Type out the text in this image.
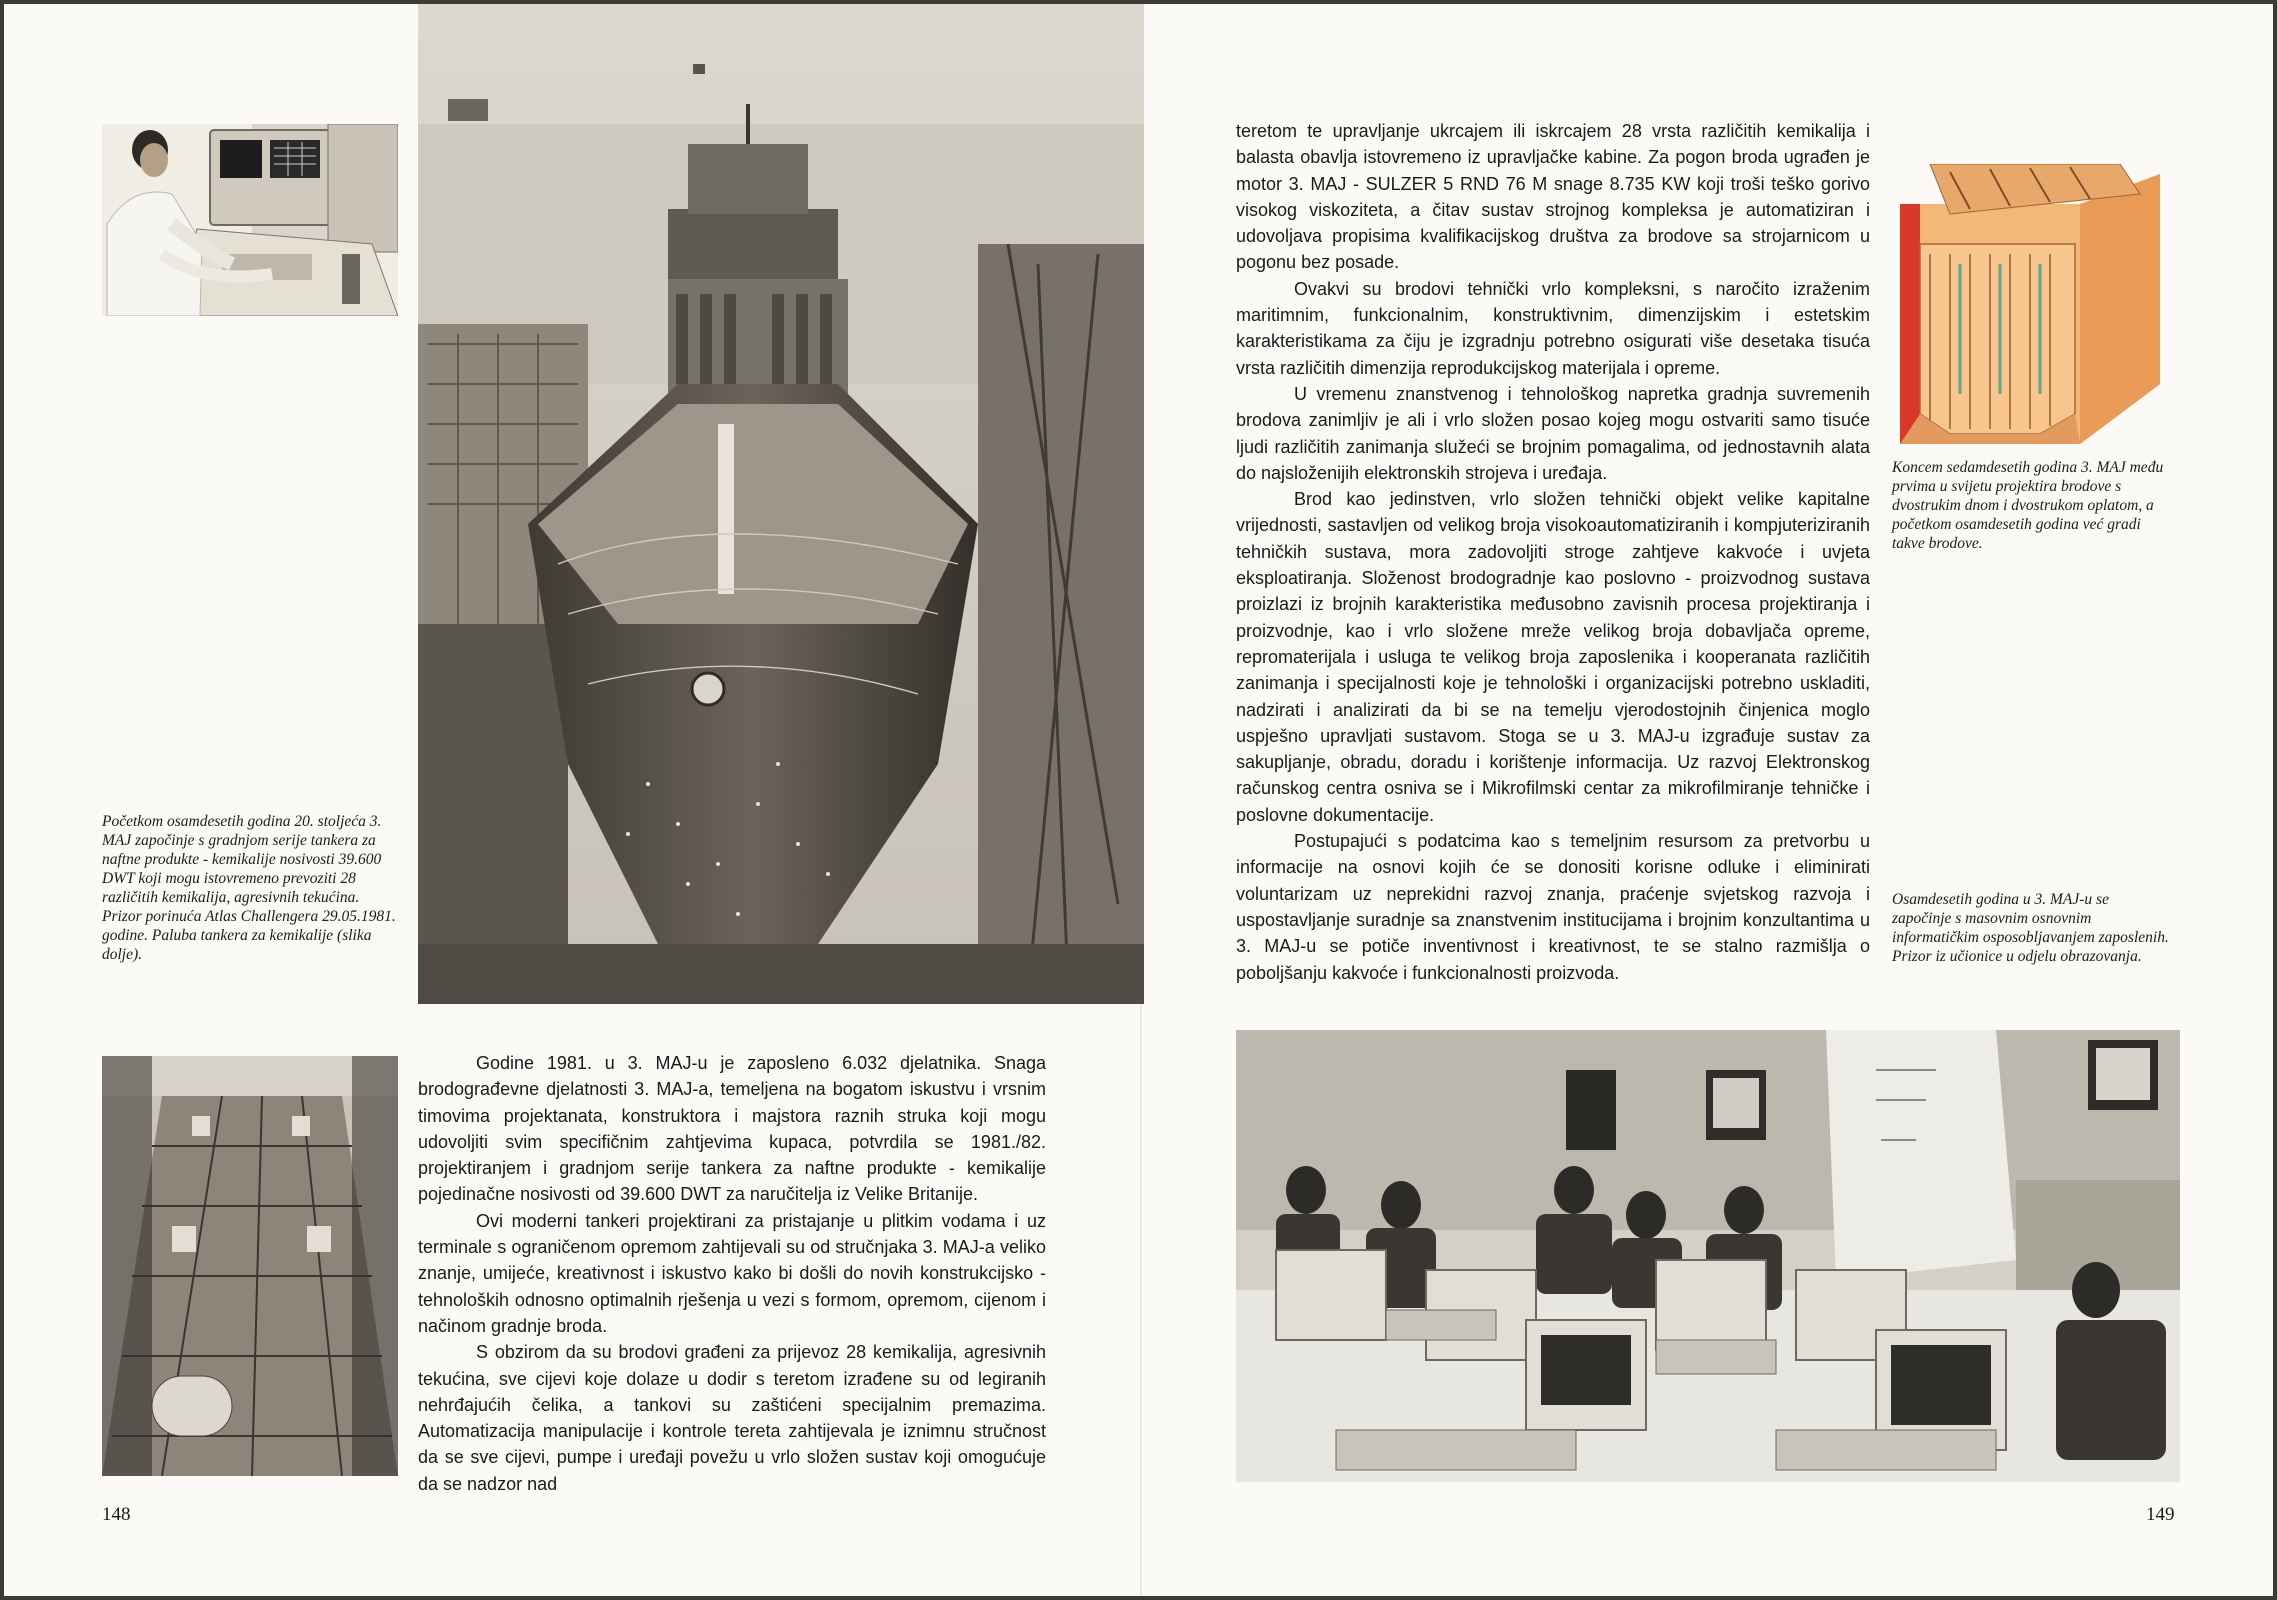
Početkom osamdesetih godina 20. stoljeća 3. MAJ započinje s gradnjom serije tankera za naftne produkte - kemikalije nosivosti 39.600 DWT koji mogu istovremeno prevoziti 28 različitih kemikalija, agresivnih tekućina. Prizor porinuća Atlas Challengera 29.05.1981. godine. Paluba tankera za kemikalije (slika dolje).

Godine 1981. u 3. MAJ-u je zaposleno 6.032 djelatnika. Snaga brodograđevne djelatnosti 3. MAJ-a, temeljena na bogatom iskustvu i vrsnim timovima projektanata, konstruktora i majstora raznih struka koji mogu udovoljiti svim specifičnim zahtjevima kupaca, potvrdila se 1981./82. projektiranjem i gradnjom serije tankera za naftne produkte - kemikalije pojedinačne nosivosti od 39.600 DWT za naručitelja iz Velike Britanije.

Ovi moderni tankeri projektirani za pristajanje u plitkim vodama i uz terminale s ograničenom opremom zahtijevali su od stručnjaka 3. MAJ-a veliko znanje, umijeće, kreativnost i iskustvo kako bi došli do novih konstrukcijsko - tehnoloških odnosno optimalnih rješenja u vezi s formom, opremom, cijenom i načinom gradnje broda.

S obzirom da su brodovi građeni za prijevoz 28 kemikalija, agresivnih tekućina, sve cijevi koje dolaze u dodir s teretom izrađene su od legiranih nehrđajućih čelika, a tankovi su zaštićeni specijalnim premazima. Automatizacija manipulacije i kontrole tereta zahtijevala je iznimnu stručnost da se sve cijevi, pumpe i uređaji povežu u vrlo složen sustav koji omogućuje da se nadzor nad

148

teretom te upravljanje ukrcajem ili iskrcajem 28 vrsta različitih kemikalija i balasta obavlja istovremeno iz upravljačke kabine. Za pogon broda ugrađen je motor 3. MAJ - SULZER 5 RND 76 M snage 8.735 KW koji troši teško gorivo visokog viskoziteta, a čitav sustav strojnog kompleksa je automatiziran i udovoljava propisima kvalifikacijskog društva za brodove sa strojarnicom u pogonu bez posade.

Ovakvi su brodovi tehnički vrlo kompleksni, s naročito izraženim maritimnim, funkcionalnim, konstruktivnim, dimenzijskim i estetskim karakteristikama za čiju je izgradnju potrebno osigurati više desetaka tisuća vrsta različitih dimenzija reprodukcijskog materijala i opreme.

U vremenu znanstvenog i tehnološkog napretka gradnja suvremenih brodova zanimljiv je ali i vrlo složen posao kojeg mogu ostvariti samo tisuće ljudi različitih zanimanja služeći se brojnim pomagalima, od jednostavnih alata do najsloženijih elektronskih strojeva i uređaja.

Brod kao jedinstven, vrlo složen tehnički objekt velike kapitalne vrijednosti, sastavljen od velikog broja visokoautomatiziranih i kompjuteriziranih tehničkih sustava, mora zadovoljiti stroge zahtjeve kakvoće i uvjeta eksploatiranja. Složenost brodogradnje kao poslovno - proizvodnog sustava proizlazi iz brojnih karakteristika međusobno zavisnih procesa projektiranja i proizvodnje, kao i vrlo složene mreže velikog broja dobavljača opreme, repromaterijala i usluga te velikog broja zaposlenika i kooperanata različitih zanimanja i specijalnosti koje je tehnološki i organizacijski potrebno uskladiti, nadzirati i analizirati da bi se na temelju vjerodostojnih činjenica moglo uspješno upravljati sustavom. Stoga se u 3. MAJ-u izgrađuje sustav za sakupljanje, obradu, doradu i korištenje informacija. Uz razvoj Elektronskog računskog centra osniva se i Mikrofilmski centar za mikrofilmiranje tehničke i poslovne dokumentacije.

Postupajući s podatcima kao s temeljnim resursom za pretvorbu u informacije na osnovi kojih će se donositi korisne odluke i eliminirati voluntarizam uz neprekidni razvoj znanja, praćenje svjetskog razvoja i uspostavljanje suradnje sa znanstvenim institucijama i brojnim konzultantima u 3. MAJ-u se potiče inventivnost i kreativnost, te se stalno razmišlja o poboljšanju kakvoće i funkcionalnosti proizvoda.

Koncem sedamdesetih godina 3. MAJ među prvima u svijetu projektira brodove s dvostrukim dnom i dvostrukom oplatom, a početkom osamdesetih godina već gradi takve brodove.

Osamdesetih godina u 3. MAJ-u se započinje s masovnim osnovnim informatičkim osposobljavanjem zaposlenih. Prizor iz učionice u odjelu obrazovanja.

149
